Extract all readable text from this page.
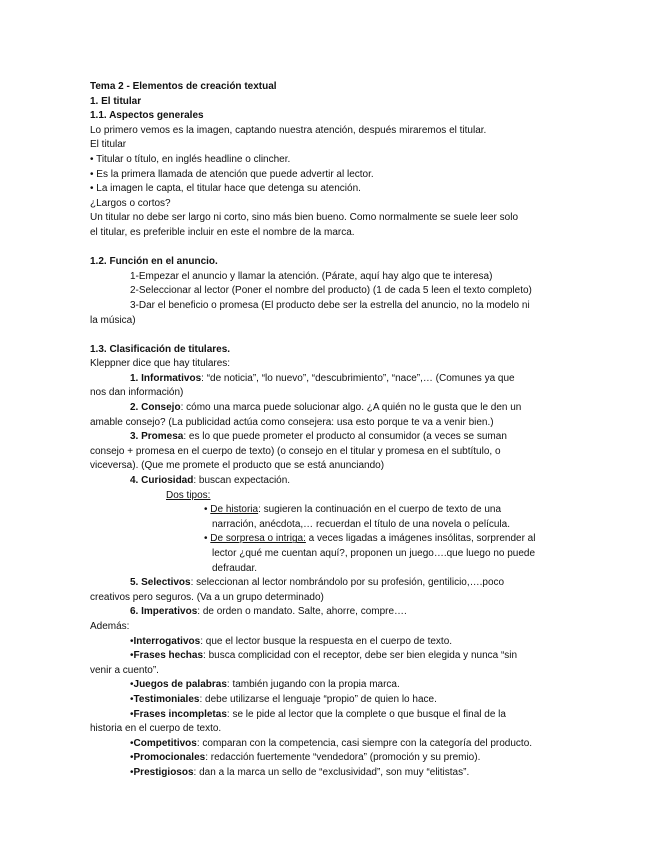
Tema 2 - Elementos de creación textual
1. El titular
1.1. Aspectos generales
Lo primero vemos es la imagen, captando nuestra atención, después miraremos el titular.
El titular
• Titular o título, en inglés headline o clincher.
• Es la primera llamada de atención que puede advertir al lector.
• La imagen le capta, el titular hace que detenga su atención.
¿Largos o cortos?
Un titular no debe ser largo ni corto, sino más bien bueno. Como normalmente se suele leer solo
el titular, es preferible incluir en este el nombre de la marca.
1.2. Función en el anuncio.
1-Empezar el anuncio y llamar la atención. (Párate, aquí hay algo que te interesa)
2-Seleccionar al lector (Poner el nombre del producto) (1 de cada 5 leen el texto completo)
3-Dar el beneficio o promesa (El producto debe ser la estrella del anuncio, no la modelo ni
la música)
1.3. Clasificación de titulares.
Kleppner dice que hay titulares:
1. Informativos: “de noticia”, “lo nuevo”, “descubrimiento”, “nace”,… (Comunes ya que
nos dan información)
2. Consejo: cómo una marca puede solucionar algo. ¿A quién no le gusta que le den un
amable consejo? (La publicidad actúa como consejera: usa esto porque te va a venir bien.)
3. Promesa: es lo que puede prometer el producto al consumidor (a veces se suman
consejo + promesa en el cuerpo de texto) (o consejo en el titular y promesa en el subtítulo, o
viceversa). (Que me promete el producto que se está anunciando)
4. Curiosidad: buscan expectación.
Dos tipos:
• De historia: sugieren la continuación en el cuerpo de texto de una
narración, anécdota,… recuerdan el título de una novela o película.
• De sorpresa o intriga: a veces ligadas a imágenes insólitas, sorprender al
lector ¿qué me cuentan aquí?, proponen un juego….que luego no puede
defraudar.
5. Selectivos: seleccionan al lector nombrándolo por su profesión, gentilicio,….poco
creativos pero seguros. (Va a un grupo determinado)
6. Imperativos: de orden o mandato. Salte, ahorre, compre….
Además:
•Interrogativos: que el lector busque la respuesta en el cuerpo de texto.
•Frases hechas: busca complicidad con el receptor, debe ser bien elegida y nunca “sin
venir a cuento”.
•Juegos de palabras: también jugando con la propia marca.
•Testimoniales: debe utilizarse el lenguaje “propio” de quien lo hace.
•Frases incompletas: se le pide al lector que la complete o que busque el final de la
historia en el cuerpo de texto.
•Competitivos: comparan con la competencia, casi siempre con la categoría del producto.
•Promocionales: redacción fuertemente “vendedora” (promoción y su premio).
•Prestigiosos: dan a la marca un sello de “exclusividad”, son muy “elitistas”.
